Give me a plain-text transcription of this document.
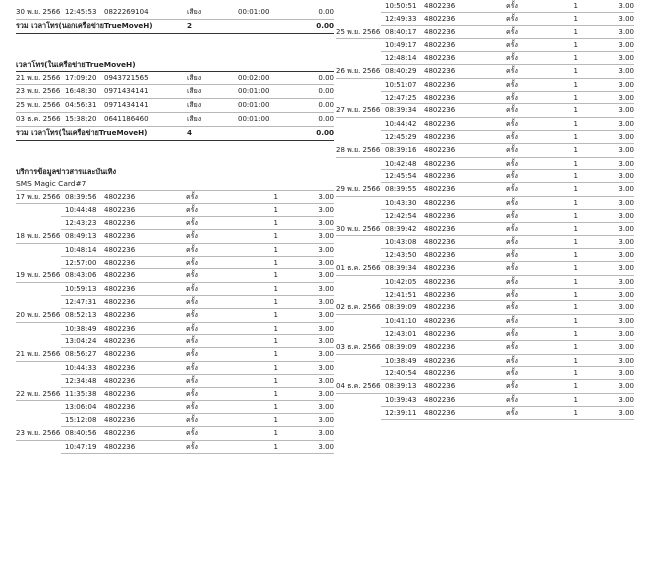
30 พ.ย. 2566 12:45:53 0822269104	เสียง	00:01:00	0.00
รวม เวลาโทร(นอกเครือข่ายTrueMoveH)	2	0.00
เวลาโทร(ในเครือข่ายTrueMoveH)
21 พ.ย. 2566 17:09:20 0943721565	เสียง	00:02:00	0.00
23 พ.ย. 2566 16:48:30 0971434141	เสียง	00:01:00	0.00
25 พ.ย. 2566 04:56:31 0971434141	เสียง	00:01:00	0.00
03 ธ.ค. 2566 15:38:20 0641186460	เสียง	00:01:00	0.00
รวม เวลาโทร(ในเครือข่ายTrueMoveH)	4	0.00
บริการข้อมูลข่าวสารและบันเทิง
SMS Magic Card#7
17 พ.ย. 2566 08:39:56 4802236	ครั้ง	1	3.00
10:44:48 4802236	ครั้ง	1	3.00
12:43:23 4802236	ครั้ง	1	3.00
18 พ.ย. 2566 08:49:13 4802236	ครั้ง	1	3.00
10:48:14 4802236	ครั้ง	1	3.00
12:57:00 4802236	ครั้ง	1	3.00
19 พ.ย. 2566 08:43:06 4802236	ครั้ง	1	3.00
10:59:13 4802236	ครั้ง	1	3.00
12:47:31 4802236	ครั้ง	1	3.00
20 พ.ย. 2566 08:52:13 4802236	ครั้ง	1	3.00
10:38:49 4802236	ครั้ง	1	3.00
13:04:24 4802236	ครั้ง	1	3.00
21 พ.ย. 2566 08:56:27 4802236	ครั้ง	1	3.00
10:44:33 4802236	ครั้ง	1	3.00
12:34:48 4802236	ครั้ง	1	3.00
22 พ.ย. 2566 11:35:38 4802236	ครั้ง	1	3.00
13:06:04 4802236	ครั้ง	1	3.00
15:12:08 4802236	ครั้ง	1	3.00
23 พ.ย. 2566 08:40:56 4802236	ครั้ง	1	3.00
10:47:19 4802236	ครั้ง	1	3.00
10:50:51 4802236	ครั้ง	1	3.00
12:49:33 4802236	ครั้ง	1	3.00
25 พ.ย. 2566 08:40:17 4802236	ครั้ง	1	3.00
10:49:17 4802236	ครั้ง	1	3.00
12:48:14 4802236	ครั้ง	1	3.00
26 พ.ย. 2566 08:40:29 4802236	ครั้ง	1	3.00
10:51:07 4802236	ครั้ง	1	3.00
12:47:25 4802236	ครั้ง	1	3.00
27 พ.ย. 2566 08:39:34 4802236	ครั้ง	1	3.00
10:44:42 4802236	ครั้ง	1	3.00
12:45:29 4802236	ครั้ง	1	3.00
28 พ.ย. 2566 08:39:16 4802236	ครั้ง	1	3.00
10:42:48 4802236	ครั้ง	1	3.00
12:45:54 4802236	ครั้ง	1	3.00
29 พ.ย. 2566 08:39:55 4802236	ครั้ง	1	3.00
10:43:30 4802236	ครั้ง	1	3.00
12:42:54 4802236	ครั้ง	1	3.00
30 พ.ย. 2566 08:39:42 4802236	ครั้ง	1	3.00
10:43:08 4802236	ครั้ง	1	3.00
12:43:50 4802236	ครั้ง	1	3.00
01 ธ.ค. 2566 08:39:34 4802236	ครั้ง	1	3.00
10:42:05 4802236	ครั้ง	1	3.00
12:41:51 4802236	ครั้ง	1	3.00
02 ธ.ค. 2566 08:39:09 4802236	ครั้ง	1	3.00
10:41:10 4802236	ครั้ง	1	3.00
12:43:01 4802236	ครั้ง	1	3.00
03 ธ.ค. 2566 08:39:09 4802236	ครั้ง	1	3.00
10:38:49 4802236	ครั้ง	1	3.00
12:40:54 4802236	ครั้ง	1	3.00
04 ธ.ค. 2566 08:39:13 4802236	ครั้ง	1	3.00
10:39:43 4802236	ครั้ง	1	3.00
12:39:11 4802236	ครั้ง	1	3.00
